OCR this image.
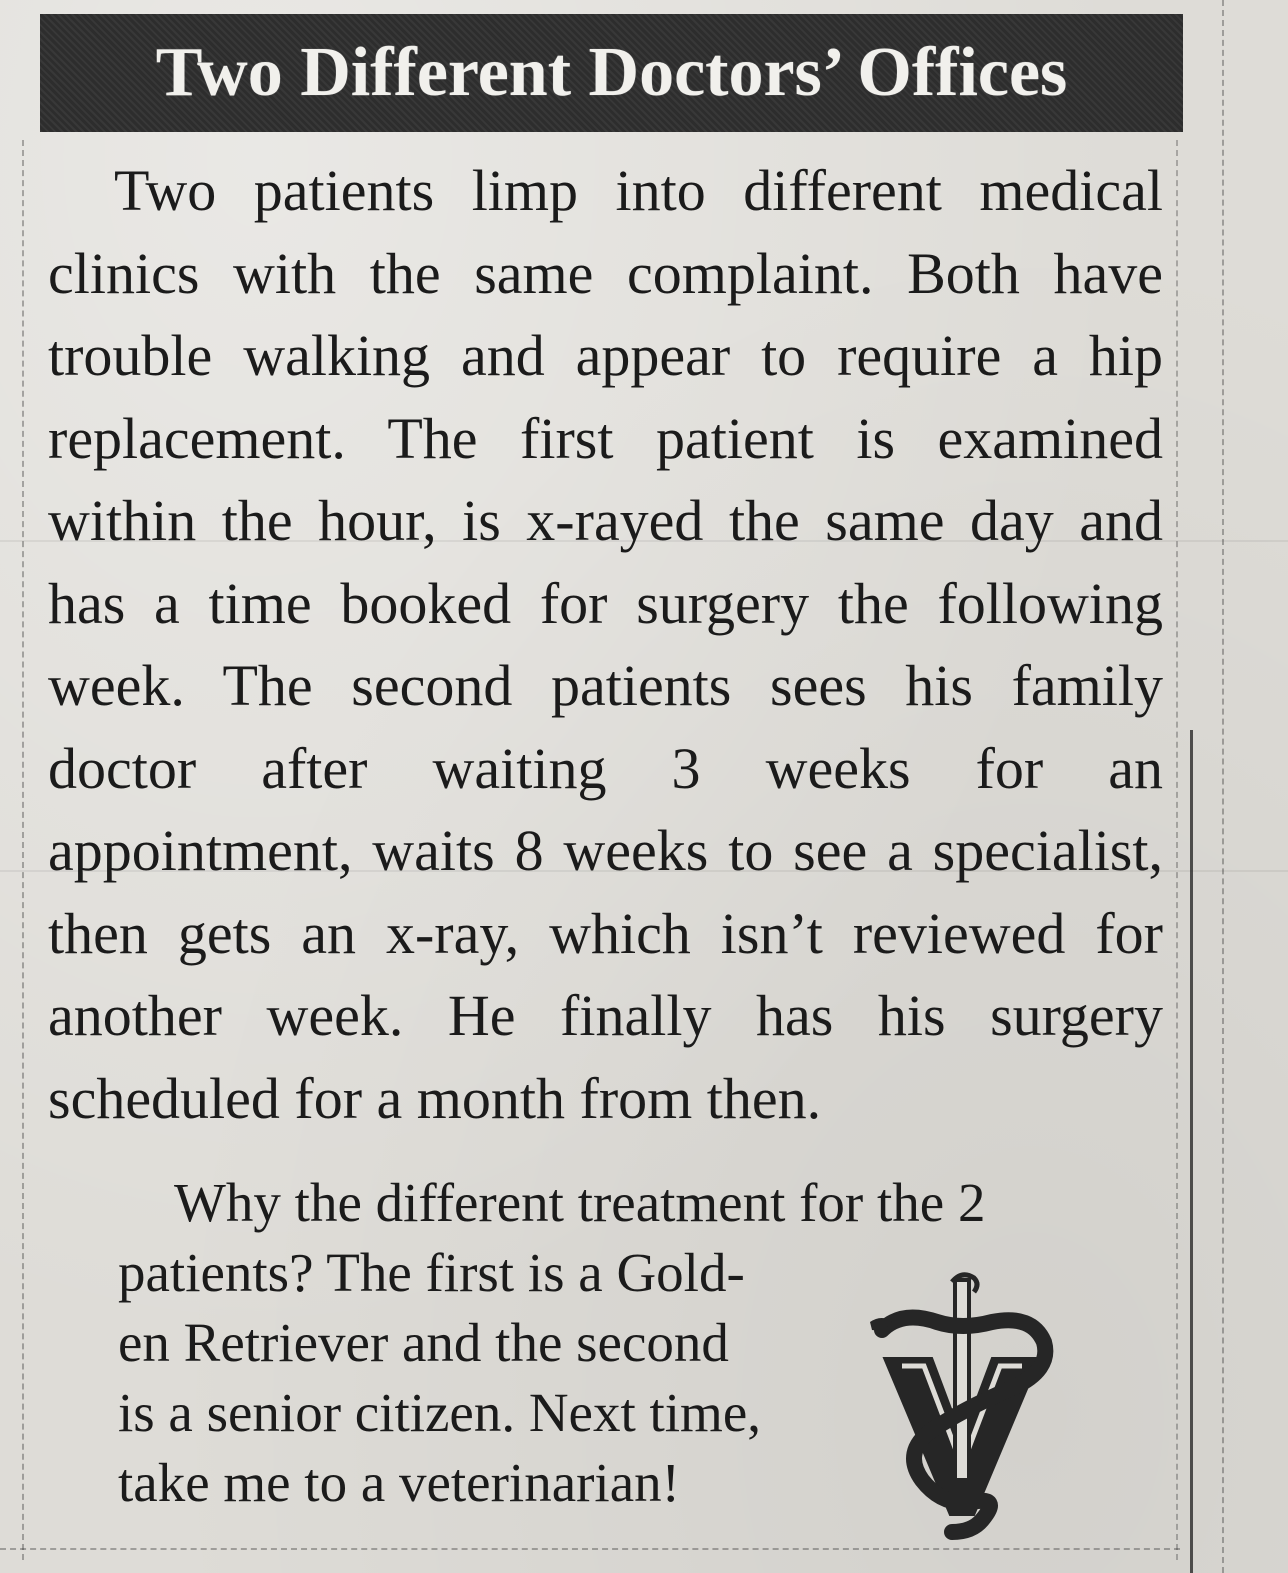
Two Different Doctors’ Offices

Two patients limp into different medical clinics with the same complaint. Both have trouble walking and appear to require a hip replacement. The first patient is examined within the hour, is x-rayed the same day and has a time booked for surgery the following week. The second patients sees his family doctor after waiting 3 weeks for an appointment, waits 8 weeks to see a specialist, then gets an x-ray, which isn’t reviewed for another week. He finally has his surgery scheduled for a month from then.

Why the different treatment for the 2
patients? The first is a Gold-
en Retriever and the second
is a senior citizen. Next time,
take me to a veterinarian!
